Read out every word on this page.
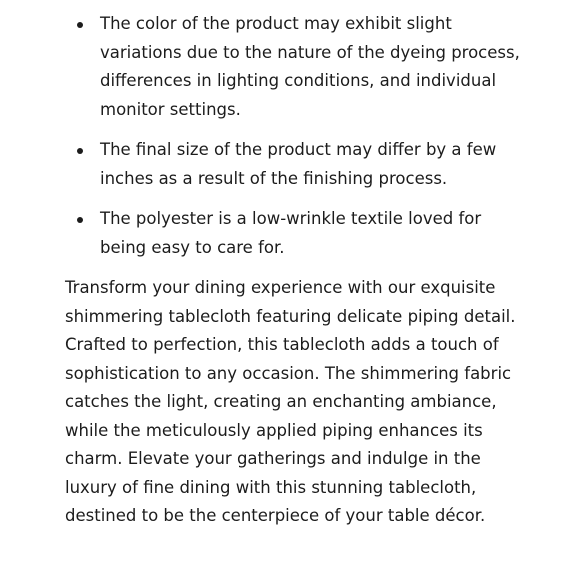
The color of the product may exhibit slight variations due to the nature of the dyeing process, differences in lighting conditions, and individual monitor settings.
The final size of the product may differ by a few inches as a result of the finishing process.
The polyester is a low-wrinkle textile loved for being easy to care for.

Transform your dining experience with our exquisite shimmering tablecloth featuring delicate piping detail. Crafted to perfection, this tablecloth adds a touch of sophistication to any occasion. The shimmering fabric catches the light, creating an enchanting ambiance, while the meticulously applied piping enhances its charm. Elevate your gatherings and indulge in the luxury of fine dining with this stunning tablecloth, destined to be the centerpiece of your table décor.
